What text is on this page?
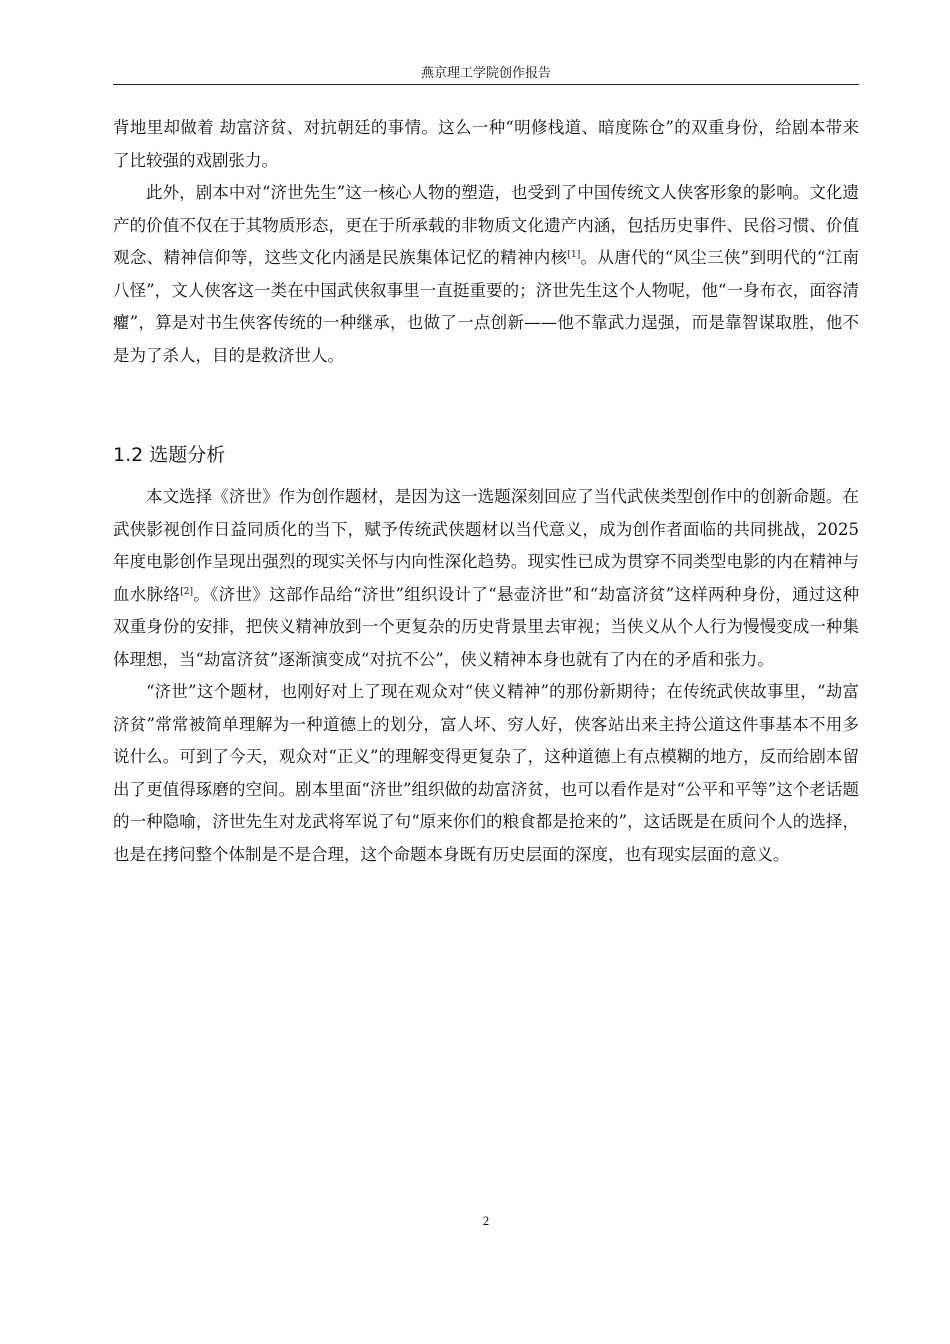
燕京理工学院创作报告

背地里却做着 劫富济贫、对抗朝廷的事情。这么一种“明修栈道、暗度陈仓”的双重身份，给剧本带来了比较强的戏剧张力。

此外，剧本中对“济世先生”这一核心人物的塑造，也受到了中国传统文人侠客形象的影响。文化遗产的价值不仅在于其物质形态，更在于所承载的非物质文化遗产内涵，包括历史事件、民俗习惯、价值观念、精神信仰等，这些文化内涵是民族集体记忆的精神内核[1]。从唐代的“风尘三侠”到明代的“江南八怪”，文人侠客这一类在中国武侠叙事里一直挺重要的；济世先生这个人物呢，他“一身布衣，面容清癯”，算是对书生侠客传统的一种继承，也做了一点创新——他不靠武力逞强，而是靠智谋取胜，他不是为了杀人，目的是救济世人。

1.2 选题分析

本文选择《济世》作为创作题材，是因为这一选题深刻回应了当代武侠类型创作中的创新命题。在武侠影视创作日益同质化的当下，赋予传统武侠题材以当代意义，成为创作者面临的共同挑战，2025年度电影创作呈现出强烈的现实关怀与内向性深化趋势。现实性已成为贯穿不同类型电影的内在精神与血水脉络[2]。《济世》这部作品给“济世”组织设计了“悬壶济世”和“劫富济贫”这样两种身份，通过这种双重身份的安排，把侠义精神放到一个更复杂的历史背景里去审视；当侠义从个人行为慢慢变成一种集体理想，当“劫富济贫”逐渐演变成“对抗不公”，侠义精神本身也就有了内在的矛盾和张力。

“济世”这个题材，也刚好对上了现在观众对“侠义精神”的那份新期待；在传统武侠故事里，“劫富济贫”常常被简单理解为一种道德上的划分，富人坏、穷人好，侠客站出来主持公道这件事基本不用多说什么。可到了今天，观众对“正义”的理解变得更复杂了，这种道德上有点模糊的地方，反而给剧本留出了更值得琢磨的空间。剧本里面“济世”组织做的劫富济贫，也可以看作是对“公平和平等”这个老话题的一种隐喻，济世先生对龙武将军说了句“原来你们的粮食都是抢来的”，这话既是在质问个人的选择，也是在拷问整个体制是不是合理，这个命题本身既有历史层面的深度，也有现实层面的意义。

2
